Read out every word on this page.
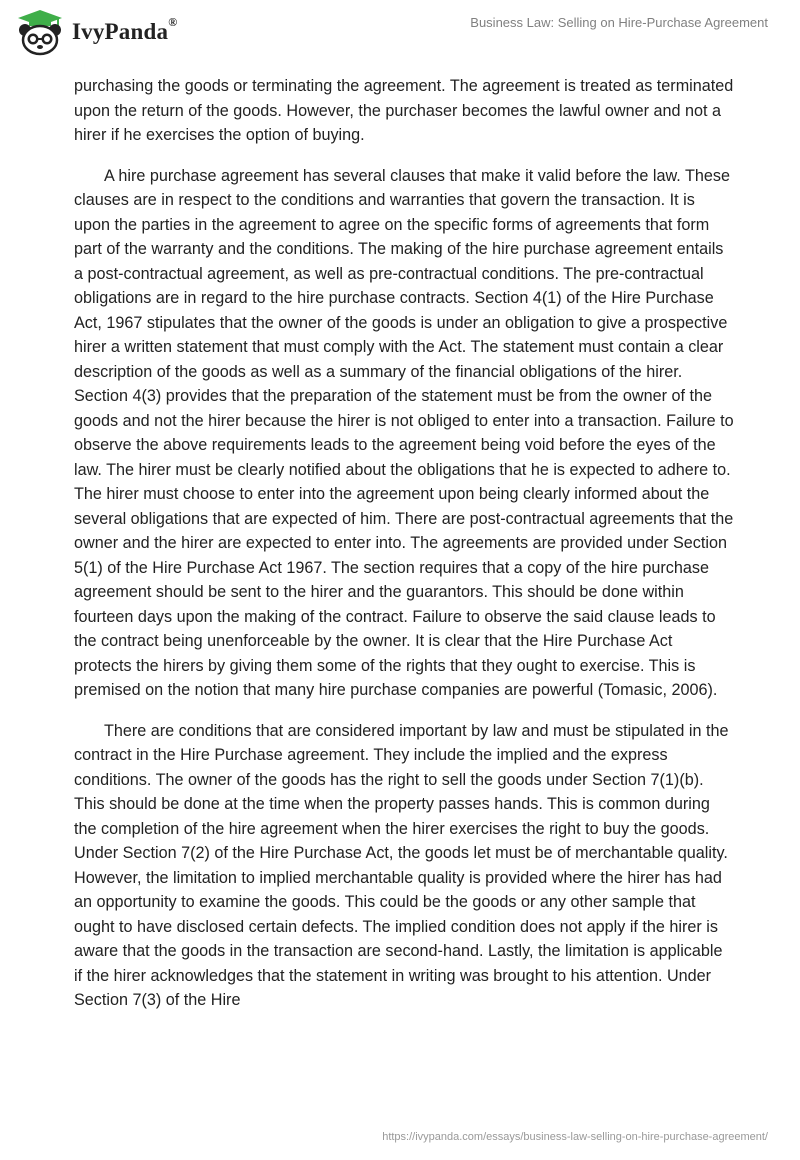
IvyPanda®	Business Law: Selling on Hire-Purchase Agreement

purchasing the goods or terminating the agreement. The agreement is treated as terminated upon the return of the goods. However, the purchaser becomes the lawful owner and not a hirer if he exercises the option of buying.

A hire purchase agreement has several clauses that make it valid before the law. These clauses are in respect to the conditions and warranties that govern the transaction. It is upon the parties in the agreement to agree on the specific forms of agreements that form part of the warranty and the conditions. The making of the hire purchase agreement entails a post-contractual agreement, as well as pre-contractual conditions. The pre-contractual obligations are in regard to the hire purchase contracts. Section 4(1) of the Hire Purchase Act, 1967 stipulates that the owner of the goods is under an obligation to give a prospective hirer a written statement that must comply with the Act. The statement must contain a clear description of the goods as well as a summary of the financial obligations of the hirer. Section 4(3) provides that the preparation of the statement must be from the owner of the goods and not the hirer because the hirer is not obliged to enter into a transaction. Failure to observe the above requirements leads to the agreement being void before the eyes of the law. The hirer must be clearly notified about the obligations that he is expected to adhere to. The hirer must choose to enter into the agreement upon being clearly informed about the several obligations that are expected of him. There are post-contractual agreements that the owner and the hirer are expected to enter into. The agreements are provided under Section 5(1) of the Hire Purchase Act 1967. The section requires that a copy of the hire purchase agreement should be sent to the hirer and the guarantors. This should be done within fourteen days upon the making of the contract. Failure to observe the said clause leads to the contract being unenforceable by the owner. It is clear that the Hire Purchase Act protects the hirers by giving them some of the rights that they ought to exercise. This is premised on the notion that many hire purchase companies are powerful (Tomasic, 2006).

There are conditions that are considered important by law and must be stipulated in the contract in the Hire Purchase agreement. They include the implied and the express conditions. The owner of the goods has the right to sell the goods under Section 7(1)(b). This should be done at the time when the property passes hands. This is common during the completion of the hire agreement when the hirer exercises the right to buy the goods. Under Section 7(2) of the Hire Purchase Act, the goods let must be of merchantable quality. However, the limitation to implied merchantable quality is provided where the hirer has had an opportunity to examine the goods. This could be the goods or any other sample that ought to have disclosed certain defects. The implied condition does not apply if the hirer is aware that the goods in the transaction are second-hand. Lastly, the limitation is applicable if the hirer acknowledges that the statement in writing was brought to his attention. Under Section 7(3) of the Hire

https://ivypanda.com/essays/business-law-selling-on-hire-purchase-agreement/
